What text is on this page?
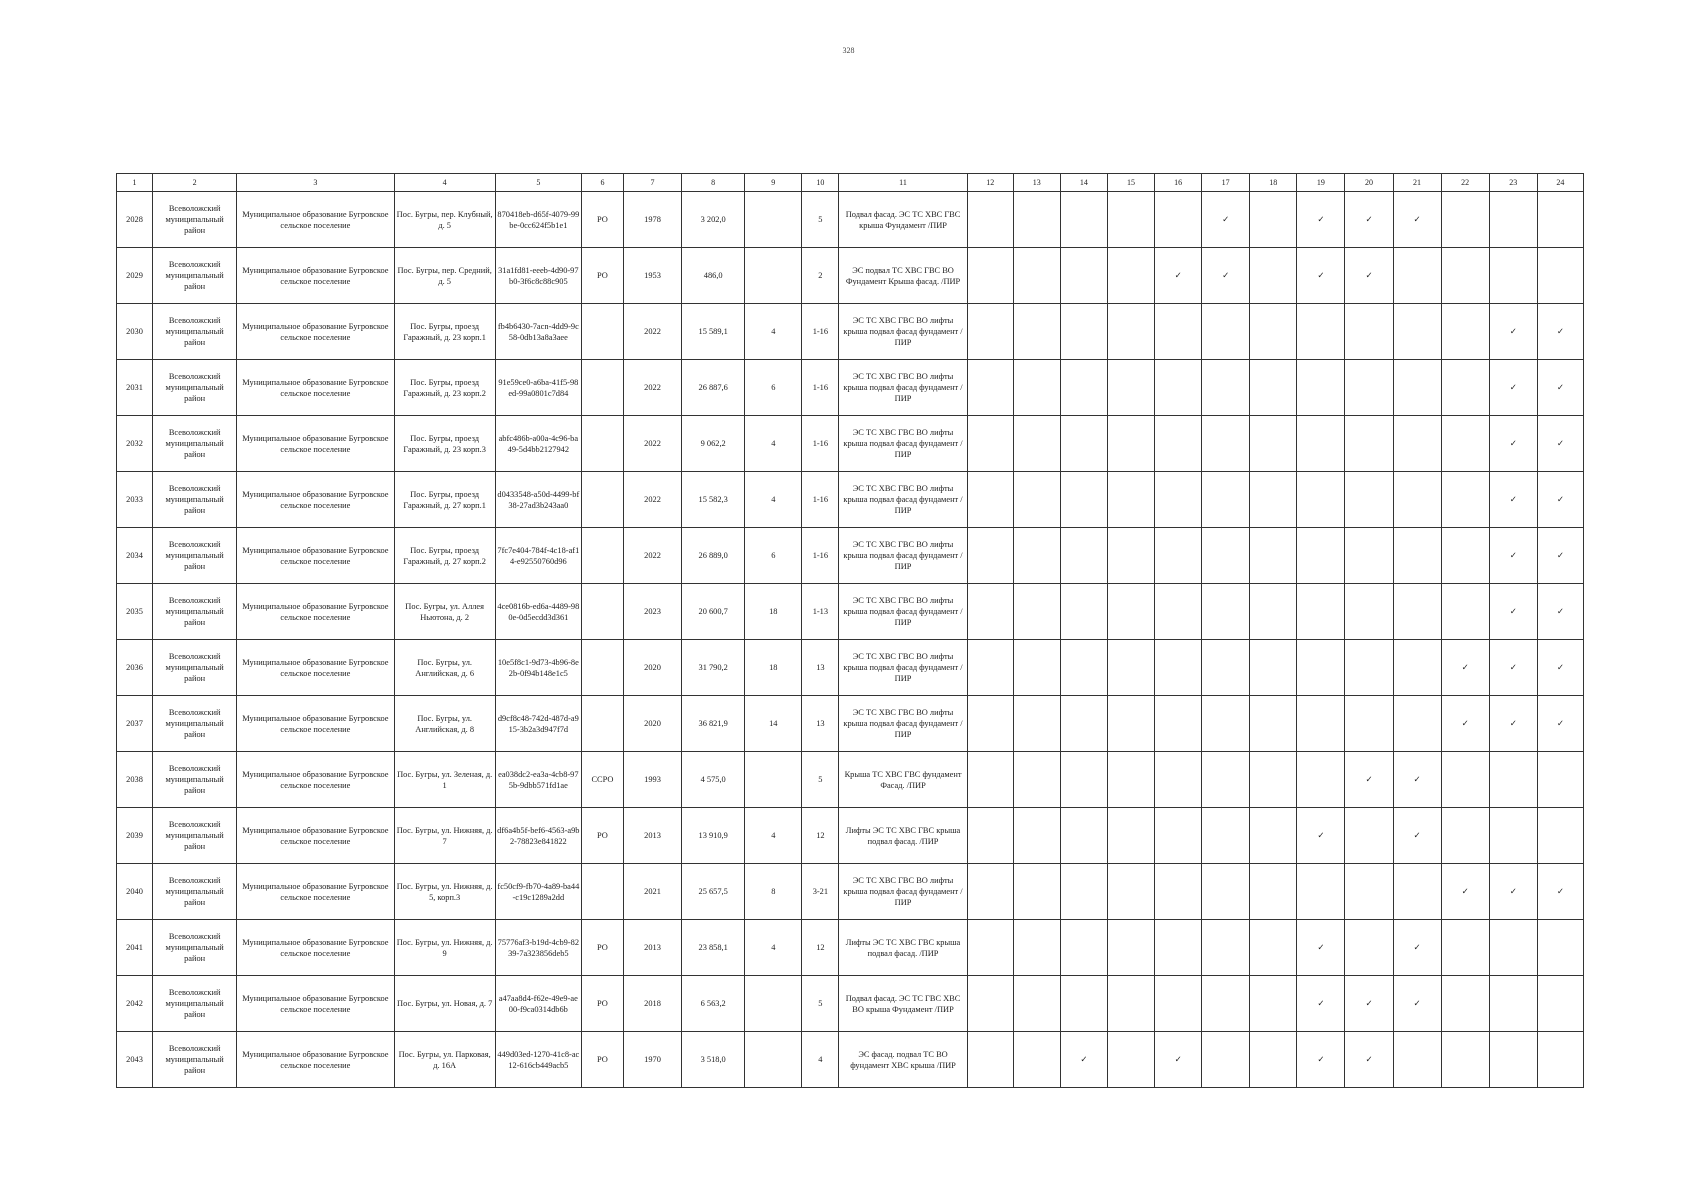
328
1	2	3	4	5	6	7	8	9	10	11	12	13	14	15	16	17	18	19	20	21	22	23	24
2028	Всеволожский муниципальный район	Муниципальное образование Бугровское сельское поселение	Пос. Бугры, пер. Клубный, д. 5	870418eb-d65f-4079-99be-0cc624f5b1e1	РО	1978	3 202,0		5	Подвал фасад. ЭС ТС ХВС ГВС крыша Фундамент /ПИР						✓		✓	✓	✓			
2029	Всеволожский муниципальный район	Муниципальное образование Бугровское сельское поселение	Пос. Бугры, пер. Средний, д. 5	31a1fd81-eeeb-4d90-97b0-3f6c8c88c905	РО	1953	486,0		2	ЭС подвал ТС ХВС ГВС ВО Фундамент Крыша фасад. /ПИР					✓	✓		✓	✓				
2030	Всеволожский муниципальный район	Муниципальное образование Бугровское сельское поселение	Пос. Бугры, проезд Гаражный, д. 23 корп.1	fb4b6430-7acn-4dd9-9c58-0db13a8a3aee		2022	15 589,1	4	1-16	ЭС ТС ХВС ГВС ВО лифты крыша подвал фасад фундамент /ПИР												✓	✓
2031	Всеволожский муниципальный район	Муниципальное образование Бугровское сельское поселение	Пос. Бугры, проезд Гаражный, д. 23 корп.2	91e59ce0-a6ba-41f5-98ed-99a0801c7d84		2022	26 887,6	6	1-16	ЭС ТС ХВС ГВС ВО лифты крыша подвал фасад фундамент /ПИР												✓	✓
2032	Всеволожский муниципальный район	Муниципальное образование Бугровское сельское поселение	Пос. Бугры, проезд Гаражный, д. 23 корп.3	abfc486b-a00a-4c96-ba49-5d4bb2127942		2022	9 062,2	4	1-16	ЭС ТС ХВС ГВС ВО лифты крыша подвал фасад фундамент /ПИР												✓	✓
2033	Всеволожский муниципальный район	Муниципальное образование Бугровское сельское поселение	Пос. Бугры, проезд Гаражный, д. 27 корп.1	d0433548-a50d-4499-bf38-27ad3b243aa0		2022	15 582,3	4	1-16	ЭС ТС ХВС ГВС ВО лифты крыша подвал фасад фундамент /ПИР												✓	✓
2034	Всеволожский муниципальный район	Муниципальное образование Бугровское сельское поселение	Пос. Бугры, проезд Гаражный, д. 27 корп.2	7fc7e404-784f-4c18-af14-e92550760d96		2022	26 889,0	6	1-16	ЭС ТС ХВС ГВС ВО лифты крыша подвал фасад фундамент /ПИР												✓	✓
2035	Всеволожский муниципальный район	Муниципальное образование Бугровское сельское поселение	Пос. Бугры, ул. Аллея Ньютона, д. 2	4ce0816b-ed6a-4489-980e-0d5ecdd3d361		2023	20 600,7	18	1-13	ЭС ТС ХВС ГВС ВО лифты крыша подвал фасад фундамент /ПИР												✓	✓
2036	Всеволожский муниципальный район	Муниципальное образование Бугровское сельское поселение	Пос. Бугры, ул. Английская, д. 6	10e5f8c1-9d73-4b96-8e2b-0f94b148e1c5		2020	31 790,2	18	13	ЭС ТС ХВС ГВС ВО лифты крыша подвал фасад фундамент /ПИР											✓	✓	✓
2037	Всеволожский муниципальный район	Муниципальное образование Бугровское сельское поселение	Пос. Бугры, ул. Английская, д. 8	d9cf8c48-742d-487d-a915-3b2a3d947f7d		2020	36 821,9	14	13	ЭС ТС ХВС ГВС ВО лифты крыша подвал фасад фундамент /ПИР											✓	✓	✓
2038	Всеволожский муниципальный район	Муниципальное образование Бугровское сельское поселение	Пос. Бугры, ул. Зеленая, д. 1	ea038dc2-ea3a-4cb8-975b-9dbb571fd1ae	ССРО	1993	4 575,0		5	Крыша ТС ХВС ГВС фундамент Фасад. /ПИР									✓	✓			
2039	Всеволожский муниципальный район	Муниципальное образование Бугровское сельское поселение	Пос. Бугры, ул. Нижняя, д. 7	df6a4b5f-bef6-4563-a9b2-78823e841822	РО	2013	13 910,9	4	12	Лифты ЭС ТС ХВС ГВС крыша подвал фасад. /ПИР								✓		✓			
2040	Всеволожский муниципальный район	Муниципальное образование Бугровское сельское поселение	Пос. Бугры, ул. Нижняя, д. 5, корп.3	fc50cf9-fb70-4a89-ba44-c19c1289a2dd		2021	25 657,5	8	3-21	ЭС ТС ХВС ГВС ВО лифты крыша подвал фасад фундамент /ПИР											✓	✓	✓
2041	Всеволожский муниципальный район	Муниципальное образование Бугровское сельское поселение	Пос. Бугры, ул. Нижняя, д. 9	75776af3-b19d-4cb9-8239-7a323856deb5	РО	2013	23 858,1	4	12	Лифты ЭС ТС ХВС ГВС крыша подвал фасад. /ПИР								✓		✓			
2042	Всеволожский муниципальный район	Муниципальное образование Бугровское сельское поселение	Пос. Бугры, ул. Новая, д. 7	a47aa8d4-f62e-49e9-ae00-f9ca0314db6b	РО	2018	6 563,2		5	Подвал фасад. ЭС ТС ГВС ХВС ВО крыша Фундамент /ПИР								✓	✓	✓			
2043	Всеволожский муниципальный район	Муниципальное образование Бугровское сельское поселение	Пос. Бугры, ул. Парковая, д. 16А	449d03ed-1270-41c8-ac12-616cb449acb5	РО	1970	3 518,0		4	ЭС фасад. подвал ТС ВО фундамент ХВС крыша /ПИР			✓		✓			✓	✓				
